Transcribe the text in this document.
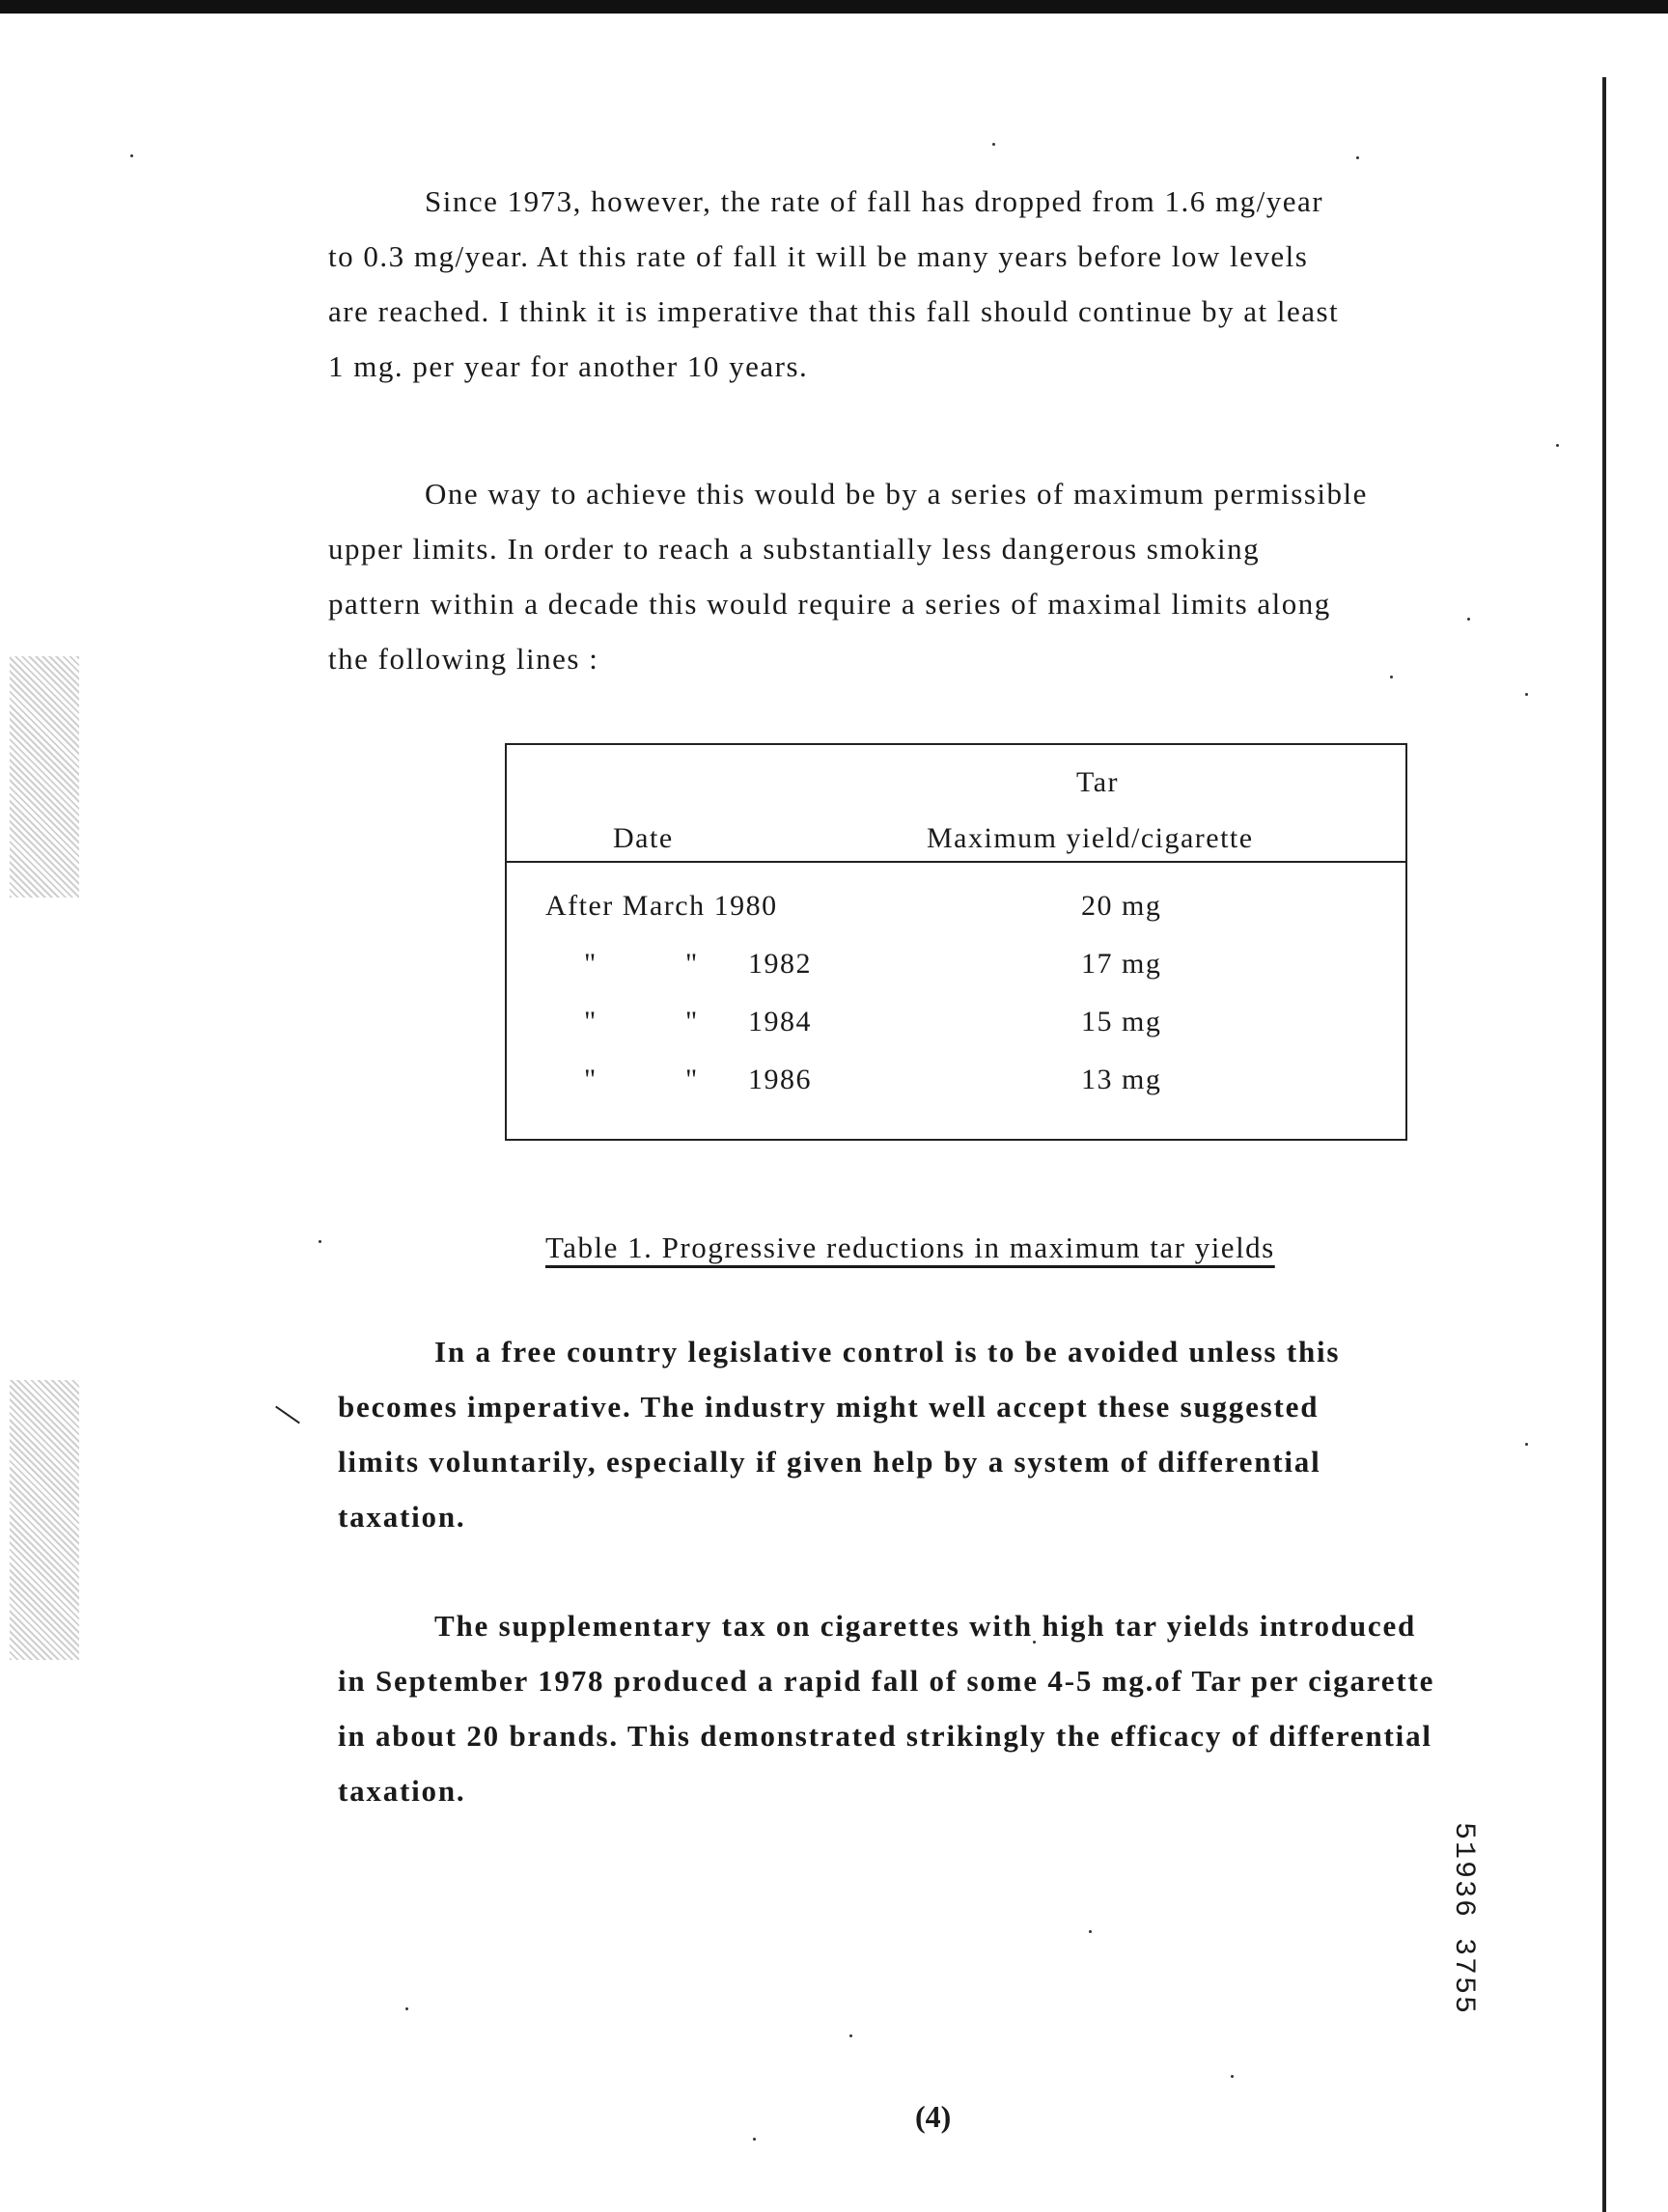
Since 1973, however, the rate of fall has dropped from 1.6 mg/year
to 0.3 mg/year. At this rate of fall it will be many years before low levels
are reached. I think it is imperative that this fall should continue by at least
1 mg. per year for another 10 years.

One way to achieve this would be by a series of maximum permissible
upper limits. In order to reach a substantially less dangerous smoking
pattern within a decade this would require a series of maximal limits along
the following lines :

Tar
Date	Maximum yield/cigarette
After March 1980	20 mg
"	" 1982	17 mg
"	" 1984	15 mg
"	" 1986	13 mg
Table 1. Progressive reductions in maximum tar yields

In a free country legislative control is to be avoided unless this
becomes imperative. The industry might well accept these suggested
limits voluntarily, especially if given help by a system of differential
taxation.

The supplementary tax on cigarettes with high tar yields introduced
in September 1978 produced a rapid fall of some 4-5 mg.of Tar per cigarette
in about 20 brands. This demonstrated strikingly the efficacy of differential
taxation.

51936 3755
(4)
